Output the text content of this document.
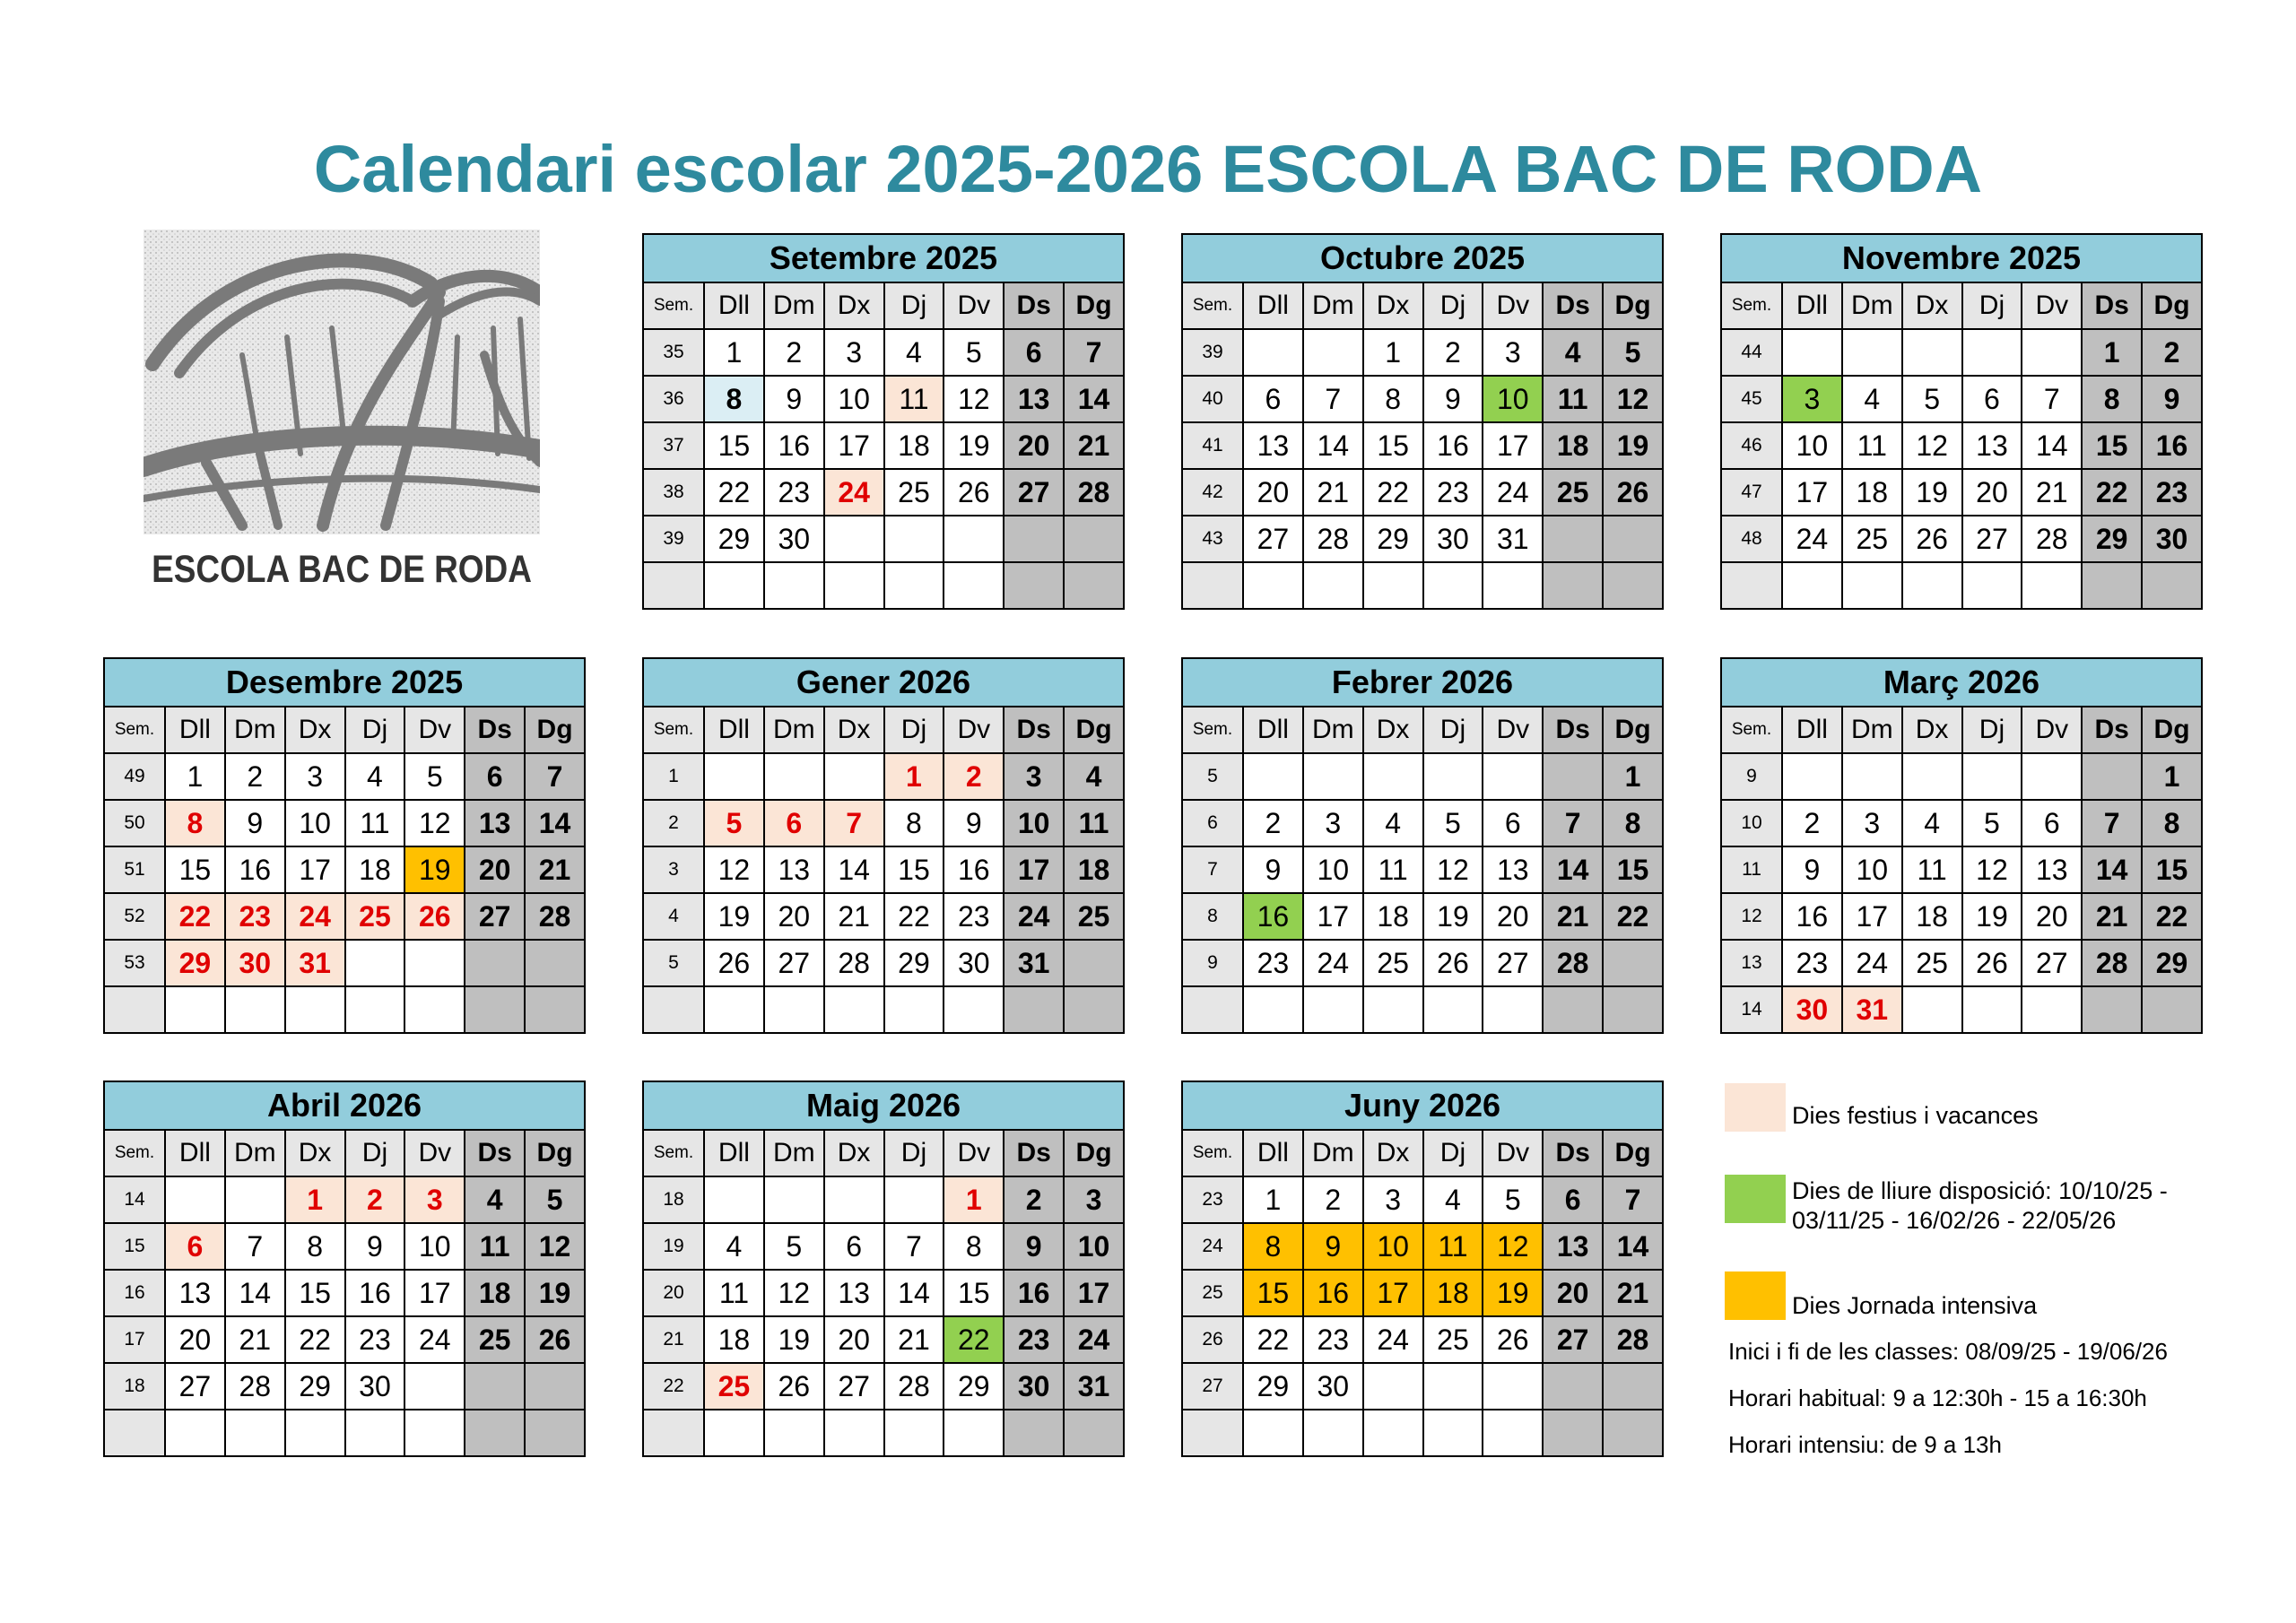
Calendari escolar 2025-2026 ESCOLA BAC DE RODA
ESCOLA BAC DE RODA
Setembre 2025							
Sem.	Dll	Dm	Dx	Dj	Dv	Ds	Dg
35	1	2	3	4	5	6	7
36	8	9	10	11	12	13	14
37	15	16	17	18	19	20	21
38	22	23	24	25	26	27	28
39	29	30					

Octubre 2025							
Sem.	Dll	Dm	Dx	Dj	Dv	Ds	Dg
39			1	2	3	4	5
40	6	7	8	9	10	11	12
41	13	14	15	16	17	18	19
42	20	21	22	23	24	25	26
43	27	28	29	30	31		

Novembre 2025							
Sem.	Dll	Dm	Dx	Dj	Dv	Ds	Dg
44						1	2
45	3	4	5	6	7	8	9
46	10	11	12	13	14	15	16
47	17	18	19	20	21	22	23
48	24	25	26	27	28	29	30

Desembre 2025							
Sem.	Dll	Dm	Dx	Dj	Dv	Ds	Dg
49	1	2	3	4	5	6	7
50	8	9	10	11	12	13	14
51	15	16	17	18	19	20	21
52	22	23	24	25	26	27	28
53	29	30	31				

Gener 2026							
Sem.	Dll	Dm	Dx	Dj	Dv	Ds	Dg
1				1	2	3	4
2	5	6	7	8	9	10	11
3	12	13	14	15	16	17	18
4	19	20	21	22	23	24	25
5	26	27	28	29	30	31	

Febrer 2026							
Sem.	Dll	Dm	Dx	Dj	Dv	Ds	Dg
5							1
6	2	3	4	5	6	7	8
7	9	10	11	12	13	14	15
8	16	17	18	19	20	21	22
9	23	24	25	26	27	28	

Març 2026							
Sem.	Dll	Dm	Dx	Dj	Dv	Ds	Dg
9							1
10	2	3	4	5	6	7	8
11	9	10	11	12	13	14	15
12	16	17	18	19	20	21	22
13	23	24	25	26	27	28	29
14	30	31					
Abril 2026							
Sem.	Dll	Dm	Dx	Dj	Dv	Ds	Dg
14			1	2	3	4	5
15	6	7	8	9	10	11	12
16	13	14	15	16	17	18	19
17	20	21	22	23	24	25	26
18	27	28	29	30			

Maig 2026							
Sem.	Dll	Dm	Dx	Dj	Dv	Ds	Dg
18					1	2	3
19	4	5	6	7	8	9	10
20	11	12	13	14	15	16	17
21	18	19	20	21	22	23	24
22	25	26	27	28	29	30	31

Juny 2026							
Sem.	Dll	Dm	Dx	Dj	Dv	Ds	Dg
23	1	2	3	4	5	6	7
24	8	9	10	11	12	13	14
25	15	16	17	18	19	20	21
26	22	23	24	25	26	27	28
27	29	30					

Dies festius i vacances
Dies de lliure disposició: 10/10/25 - 03/11/25 - 16/02/26 - 22/05/26
Dies Jornada intensiva
Inici i fi de les classes: 08/09/25 - 19/06/26
Horari habitual: 9 a 12:30h - 15 a 16:30h
Horari intensiu: de 9 a 13h
